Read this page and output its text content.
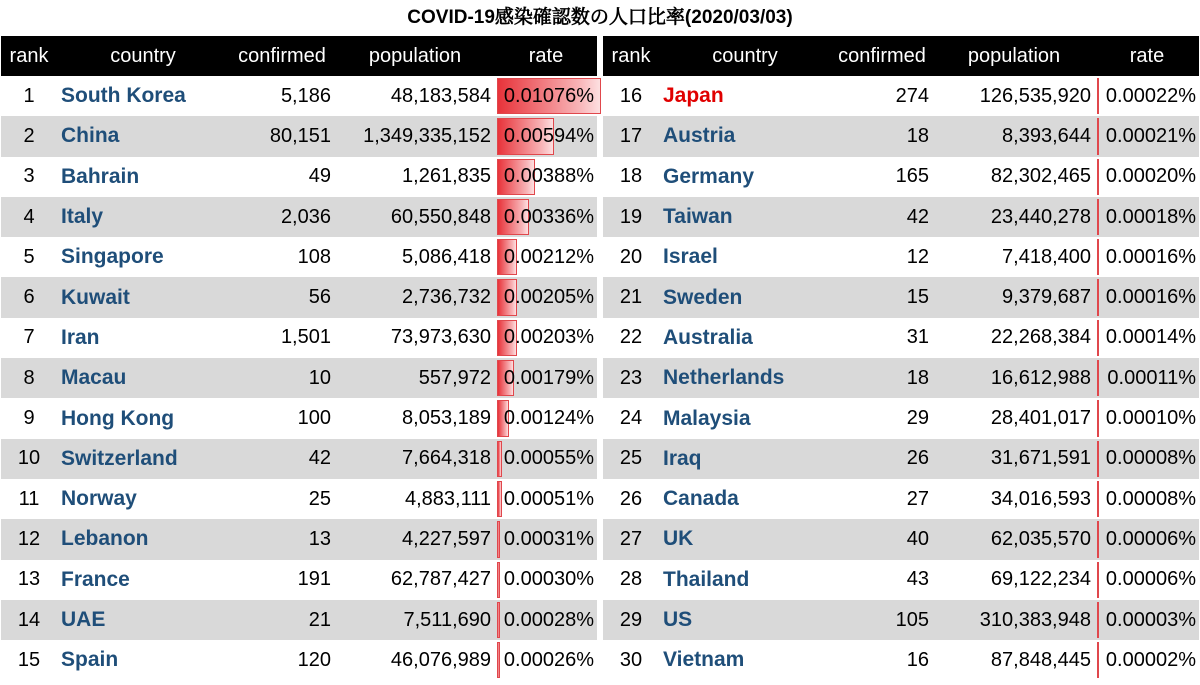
COVID-19感染確認数の人口比率(2020/03/03)
rank	country	confirmed	population	rate
1	South Korea	5,186	48,183,584	0.01076%
2	China	80,151	1,349,335,152	0.00594%
3	Bahrain	49	1,261,835	0.00388%
4	Italy	2,036	60,550,848	0.00336%
5	Singapore	108	5,086,418	0.00212%
6	Kuwait	56	2,736,732	0.00205%
7	Iran	1,501	73,973,630	0.00203%
8	Macau	10	557,972	0.00179%
9	Hong Kong	100	8,053,189	0.00124%
10	Switzerland	42	7,664,318	0.00055%
11	Norway	25	4,883,111	0.00051%
12	Lebanon	13	4,227,597	0.00031%
13	France	191	62,787,427	0.00030%
14	UAE	21	7,511,690	0.00028%
15	Spain	120	46,076,989	0.00026%
rank	country	confirmed	population	rate
16	Japan	274	126,535,920	0.00022%
17	Austria	18	8,393,644	0.00021%
18	Germany	165	82,302,465	0.00020%
19	Taiwan	42	23,440,278	0.00018%
20	Israel	12	7,418,400	0.00016%
21	Sweden	15	9,379,687	0.00016%
22	Australia	31	22,268,384	0.00014%
23	Netherlands	18	16,612,988	0.00011%
24	Malaysia	29	28,401,017	0.00010%
25	Iraq	26	31,671,591	0.00008%
26	Canada	27	34,016,593	0.00008%
27	UK	40	62,035,570	0.00006%
28	Thailand	43	69,122,234	0.00006%
29	US	105	310,383,948	0.00003%
30	Vietnam	16	87,848,445	0.00002%
